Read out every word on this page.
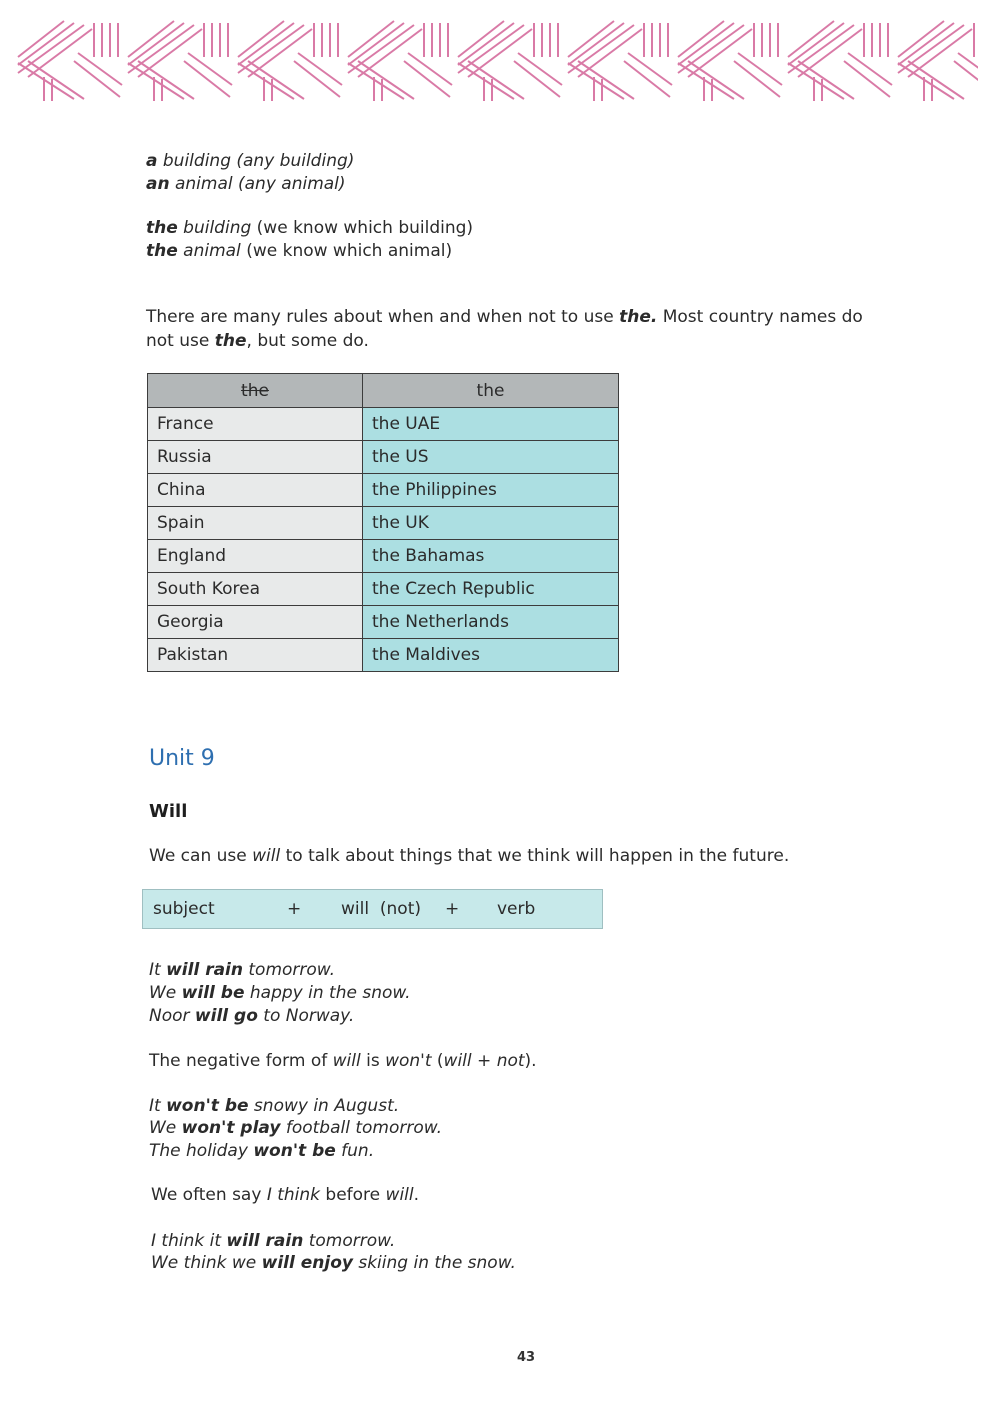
a building (any building)
an animal (any animal)
the building (we know which building)
the animal (we know which animal)
There are many rules about when and when not to use the. Most country names do
not use the, but some do.
the	the
France	the UAE
Russia	the US
China	the Philippines
Spain	the UK
England	the Bahamas
South Korea	the Czech Republic
Georgia	the Netherlands
Pakistan	the Maldives
Unit 9
Will
We can use will to talk about things that we think will happen in the future.
subject	+ will  (not) + verb
It will rain tomorrow.
We will be happy in the snow.
Noor will go to Norway.
The negative form of will is won't (will + not).
It won't be snowy in August.
We won't play football tomorrow.
The holiday won't be fun.
We often say I think before will.
I think it will rain tomorrow.
We think we will enjoy skiing in the snow.
43
